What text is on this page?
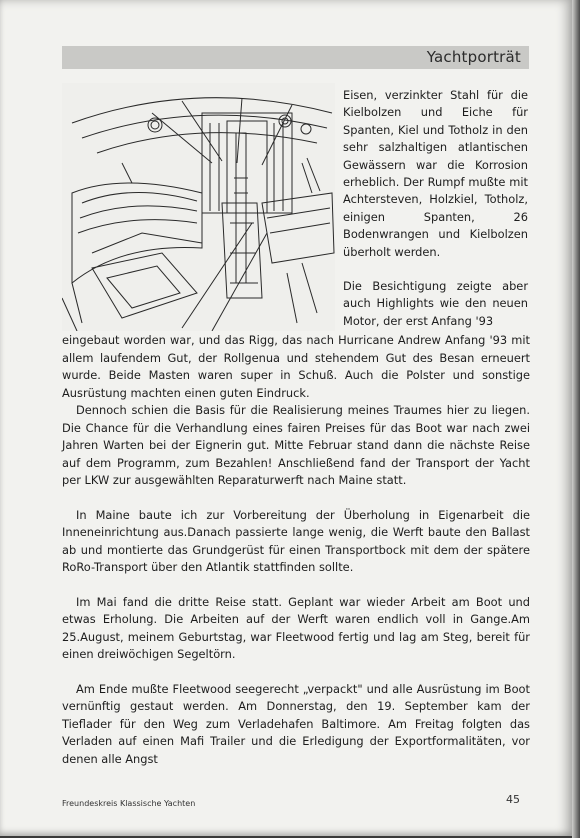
Yachtporträt

Eisen, verzinkter Stahl für die Kielbolzen und Eiche für Spanten, Kiel und Totholz in den sehr salzhaltigen atlantischen Gewässern war die Korrosion erheblich. Der Rumpf mußte mit Achtersteven, Holzkiel, Totholz, einigen Spanten, 26 Bodenwrangen und Kielbolzen überholt werden.

Die Besichtigung zeigte aber auch Highlights wie den neuen Motor, der erst Anfang '93

eingebaut worden war, und das Rigg, das nach Hurricane Andrew Anfang '93 mit allem laufendem Gut, der Rollgenua und stehendem Gut des Besan erneuert wurde. Beide Masten waren super in Schuß. Auch die Polster und sonstige Ausrüstung machten einen guten Eindruck.

Dennoch schien die Basis für die Realisierung meines Traumes hier zu liegen. Die Chance für die Verhandlung eines fairen Preises für das Boot war nach zwei Jahren Warten bei der Eignerin gut. Mitte Februar stand dann die nächste Reise auf dem Programm, zum Bezahlen! Anschließend fand der Transport der Yacht per LKW zur ausgewählten Reparaturwerft nach Maine statt.

In Maine baute ich zur Vorbereitung der Überholung in Eigenarbeit die Inneneinrichtung aus.Danach passierte lange wenig, die Werft baute den Ballast ab und montierte das Grundgerüst für einen Transportbock mit dem der spätere RoRo-Transport über den Atlantik stattfinden sollte.

Im Mai fand die dritte Reise statt. Geplant war wieder Arbeit am Boot und etwas Erholung. Die Arbeiten auf der Werft waren endlich voll in Gange.Am 25.August, meinem Geburtstag, war Fleetwood fertig und lag am Steg, bereit für einen dreiwöchigen Segeltörn.

Am Ende mußte Fleetwood seegerecht „verpackt" und alle Ausrüstung im Boot vernünftig gestaut werden. Am Donnerstag, den 19. September kam der Tieflader für den Weg zum Verladehafen Baltimore. Am Freitag folgten das Verladen auf einen Mafi Trailer und die Erledigung der Exportformalitäten, vor denen alle Angst

Freundeskreis Klassische Yachten	45
